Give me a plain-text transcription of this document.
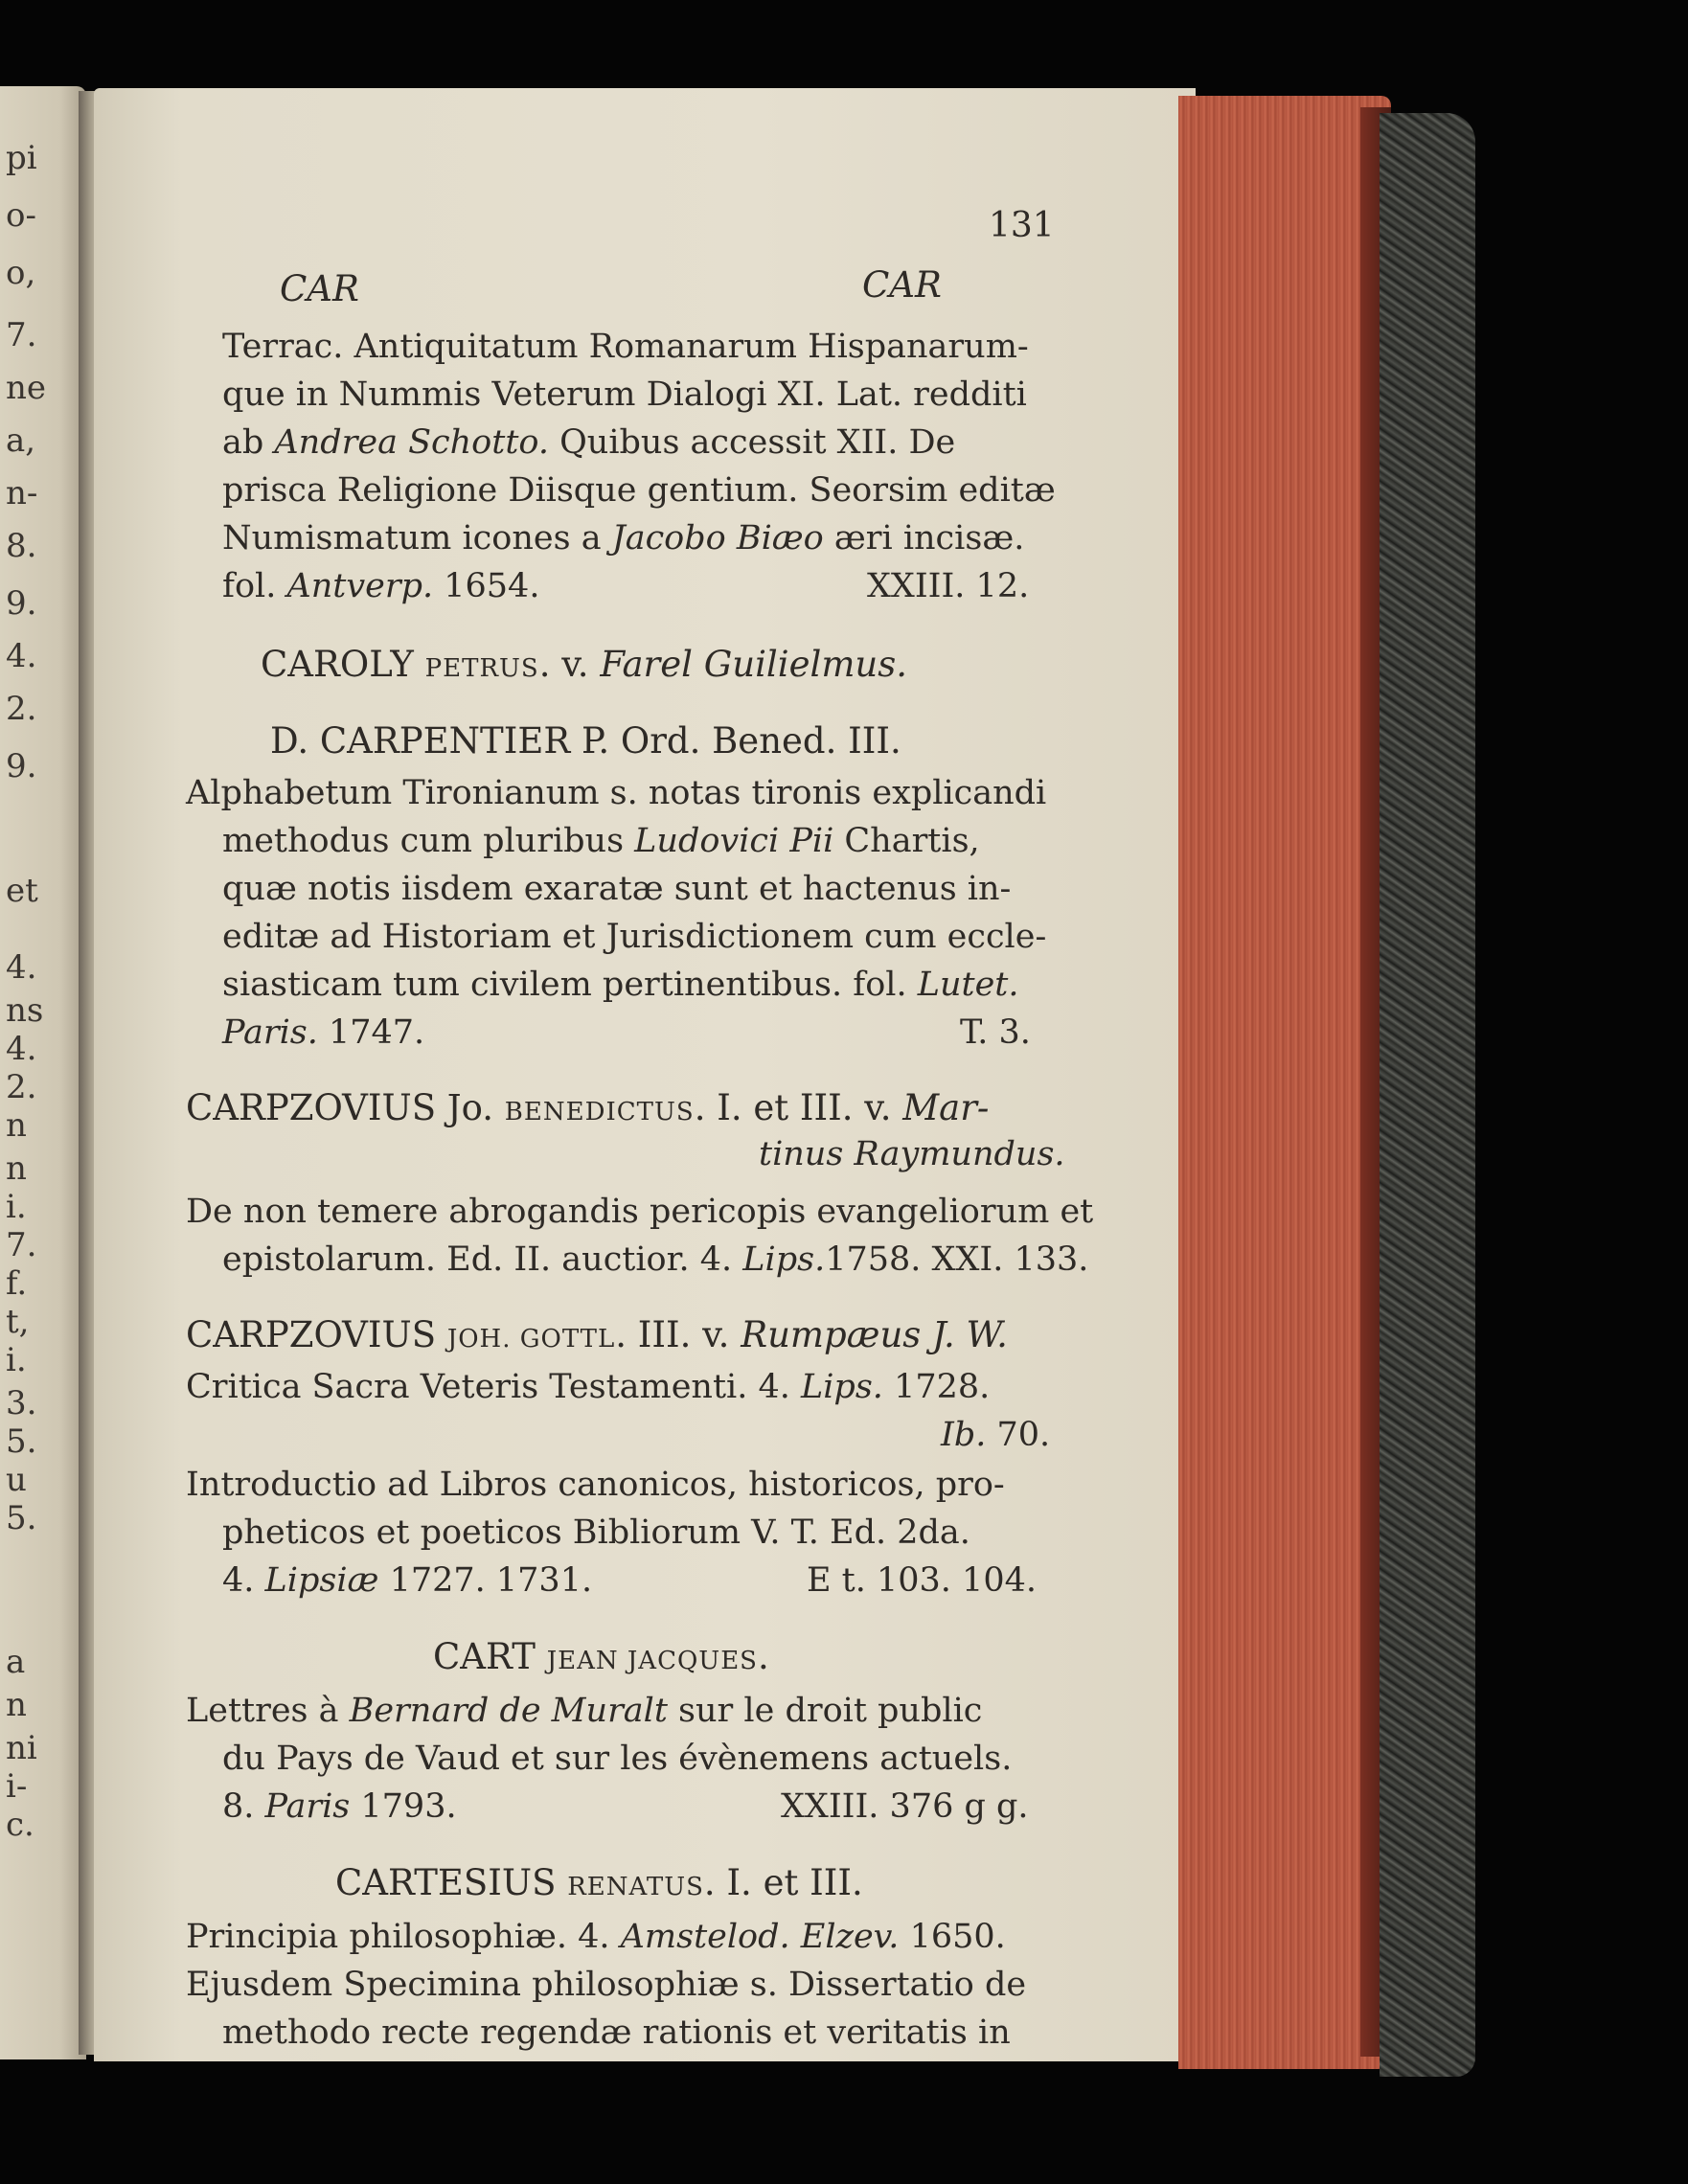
pi
o-
o,
7.
ne
a,
n-
8.
9.
4.
2.
9.
et
4.
ns
4.
2.
n
n
i.
7.
f.
t,
i.
3.
5.
u
5.
a
n
ni
i-
c.
131
CAR	CAR
Terrac. Antiquitatum Romanarum Hispanarum-
que in Nummis Veterum Dialogi XI. Lat. redditi
ab Andrea Schotto. Quibus accessit XII. De
prisca Religione Diisque gentium. Seorsim editæ
Numismatum icones a Jacobo Biæo æri incisæ.
fol. Antverp. 1654.	XXIII. 12.
CAROLY PETRUS. v. Farel Guilielmus.
D. CARPENTIER P. Ord. Bened. III.
Alphabetum Tironianum s. notas tironis explicandi
methodus cum pluribus Ludovici Pii Chartis,
quæ notis iisdem exaratæ sunt et hactenus in-
editæ ad Historiam et Jurisdictionem cum eccle-
siasticam tum civilem pertinentibus. fol. Lutet.
Paris. 1747.	T. 3.
CARPZOVIUS Jo. BENEDICTUS. I. et III. v. Mar-
tinus Raymundus.
De non temere abrogandis pericopis evangeliorum et
epistolarum. Ed. II. auctior. 4. Lips.1758. XXI. 133.
CARPZOVIUS JOH. GOTTL. III. v. Rumpæus J. W.
Critica Sacra Veteris Testamenti. 4. Lips. 1728.
Ib. 70.
Introductio ad Libros canonicos, historicos, pro-
pheticos et poeticos Bibliorum V. T. Ed. 2da.
4. Lipsiæ 1727. 1731.	E t. 103. 104.
CART JEAN JACQUES.
Lettres à Bernard de Muralt sur le droit public
du Pays de Vaud et sur les évènemens actuels.
8. Paris 1793.	XXIII. 376 g g.
CARTESIUS RENATUS. I. et III.
Principia philosophiæ. 4. Amstelod. Elzev. 1650.
Ejusdem Specimina philosophiæ s. Dissertatio de
methodo recte regendæ rationis et veritatis in
